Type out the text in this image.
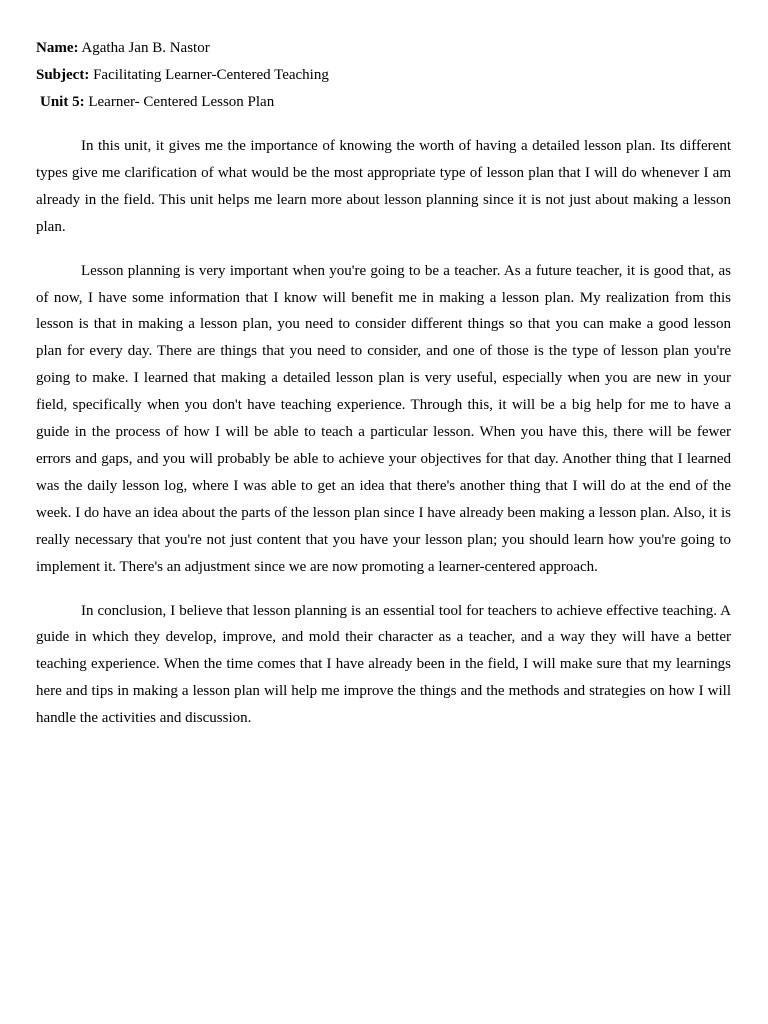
Name: Agatha Jan B. Nastor
Subject: Facilitating Learner-Centered Teaching
Unit 5: Learner- Centered Lesson Plan

In this unit, it gives me the importance of knowing the worth of having a detailed lesson plan. Its different types give me clarification of what would be the most appropriate type of lesson plan that I will do whenever I am already in the field. This unit helps me learn more about lesson planning since it is not just about making a lesson plan.

Lesson planning is very important when you're going to be a teacher. As a future teacher, it is good that, as of now, I have some information that I know will benefit me in making a lesson plan. My realization from this lesson is that in making a lesson plan, you need to consider different things so that you can make a good lesson plan for every day. There are things that you need to consider, and one of those is the type of lesson plan you're going to make. I learned that making a detailed lesson plan is very useful, especially when you are new in your field, specifically when you don't have teaching experience. Through this, it will be a big help for me to have a guide in the process of how I will be able to teach a particular lesson. When you have this, there will be fewer errors and gaps, and you will probably be able to achieve your objectives for that day. Another thing that I learned was the daily lesson log, where I was able to get an idea that there's another thing that I will do at the end of the week. I do have an idea about the parts of the lesson plan since I have already been making a lesson plan. Also, it is really necessary that you're not just content that you have your lesson plan; you should learn how you're going to implement it. There's an adjustment since we are now promoting a learner-centered approach.

In conclusion, I believe that lesson planning is an essential tool for teachers to achieve effective teaching. A guide in which they develop, improve, and mold their character as a teacher, and a way they will have a better teaching experience. When the time comes that I have already been in the field, I will make sure that my learnings here and tips in making a lesson plan will help me improve the things and the methods and strategies on how I will handle the activities and discussion.
